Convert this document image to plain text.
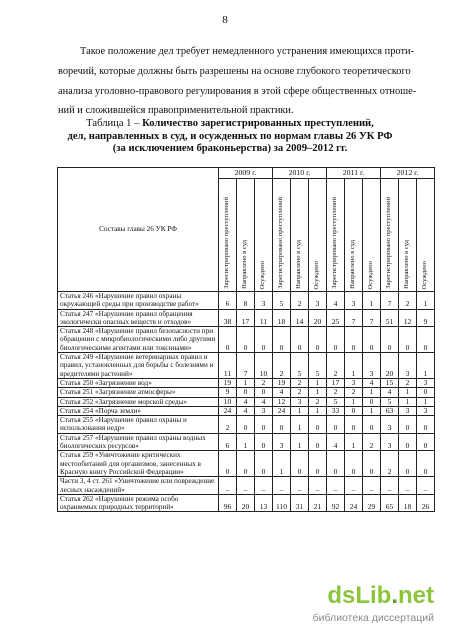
8
Такое положение дел требует немедленного устранения имеющихся проти-
воречий, которые должны быть разрешены на основе глубокого теоретического
анализа уголовно-правового регулирования в этой сфере общественных отноше-
ний и сложившейся правоприменительной практики.
Таблица 1 – Количество зарегистрированных преступлений,
дел, направленных в суд, и осужденных по нормам главы 26 УК РФ
(за исключением браконьерства) за 2009–2012 гг.
Составы главы 26 УК РФ	2009 г.			2010 г.			2011 г.			2012 г.		

	Зарегистрировано преступлений	Направлено в суд	Осуждено	Зарегистрировано преступлений	Направлено в суд	Осуждено	Зарегистрировано преступлений	Направлено в суд	Осуждено	Зарегистрировано преступлений	Направлено в суд	Осуждено

Статья 246 «Нарушение правил охраны окружающей среды при производстве работ»	6	8	3	5	2	3	4	3	1	7	2	1
Статья 247 «Нарушение правил обращения экологически опасных веществ и отходов»	38	17	11	18	14	20	25	7	7	51	12	9
Статья 248 «Нарушение правил безопасности при обращении с микробиологическими либо другими биологическими агентами или токсинами»	0	0	0	0	0	0	0	0	0	0	0	0
Статья 249 «Нарушение ветеринарных правил и правил, установленных для борьбы с болезнями и вредителями растений»	11	7	10	2	5	5	2	1	3	20	3	1
Статья 250 «Загрязнение вод»	19	1	2	19	2	1	17	3	4	15	2	3
Статья 251 «Загрязнение атмосферы»	9	0	0	4	2	1	2	2	1	4	1	0
Статья 252 «Загрязнение морской среды»	10	4	4	12	3	2	5	1	0	5	1	1
Статья 254 «Порча земли»	24	4	3	24	1	1	33	0	1	63	3	3
Статья 255 «Нарушение правил охраны и использования недр»	2	0	0	0	1	0	0	0	0	3	0	0
Статья 257 «Нарушение правил охраны водных биологических ресурсов»	6	1	0	3	1	0	4	1	2	3	0	0
Статья 259 «Уничтожение критических местообитаний для организмов, занесенных в Красную книгу Российской Федерации»	0	0	0	1	0	0	0	0	0	2	0	0
Части 3, 4 ст. 261 «Уничтожение или повреждение лесных насаждений»	–	–	–	–	–	–	–	–	–	–	–	–
Статья 262 «Нарушение режима особо охраняемых природных территорий»	96	20	13	110	31	21	92	24	29	65	18	26
dsLib.net
библиотека диссертаций
